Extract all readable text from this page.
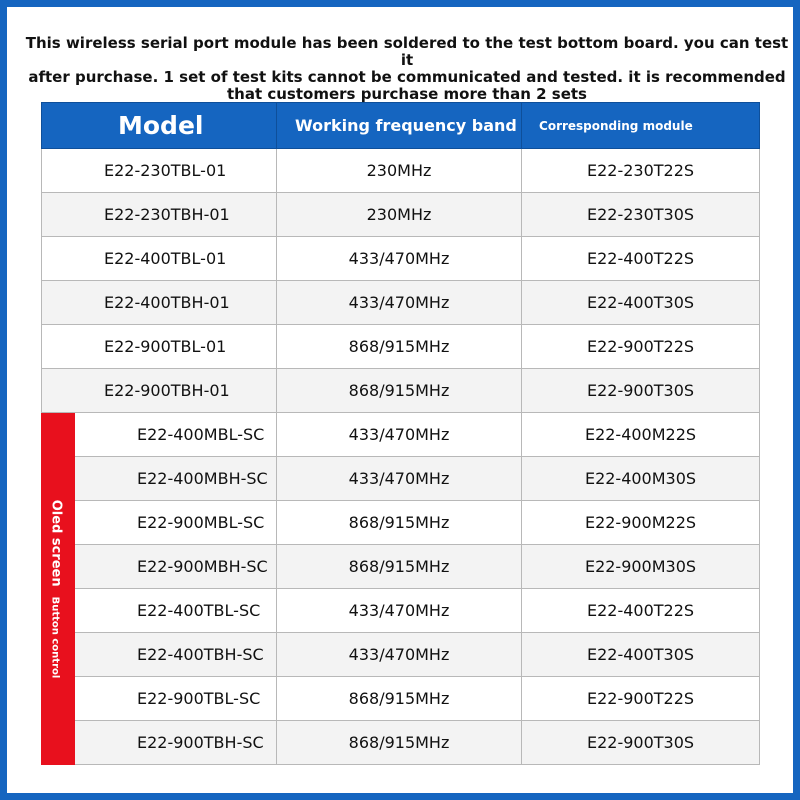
This wireless serial port module has been soldered to the test bottom board. you can test it
after purchase. 1 set of test kits cannot be communicated and tested. it is recommended
that customers purchase more than 2 sets
Model		Working frequency band	Corresponding module
E22-230TBL-01		230MHz	E22-230T22S
E22-230TBH-01		230MHz	E22-230T30S
E22-400TBL-01		433/470MHz	E22-400T22S
E22-400TBH-01		433/470MHz	E22-400T30S
E22-900TBL-01		868/915MHz	E22-900T22S
E22-900TBH-01		868/915MHz	E22-900T30S

Oled screenButton control	E22-400MBL-SC	433/470MHz	E22-400M22S
	E22-400MBH-SC	433/470MHz	E22-400M30S
	E22-900MBL-SC	868/915MHz	E22-900M22S
	E22-900MBH-SC	868/915MHz	E22-900M30S
	E22-400TBL-SC	433/470MHz	E22-400T22S
	E22-400TBH-SC	433/470MHz	E22-400T30S
	E22-900TBL-SC	868/915MHz	E22-900T22S
	E22-900TBH-SC	868/915MHz	E22-900T30S
